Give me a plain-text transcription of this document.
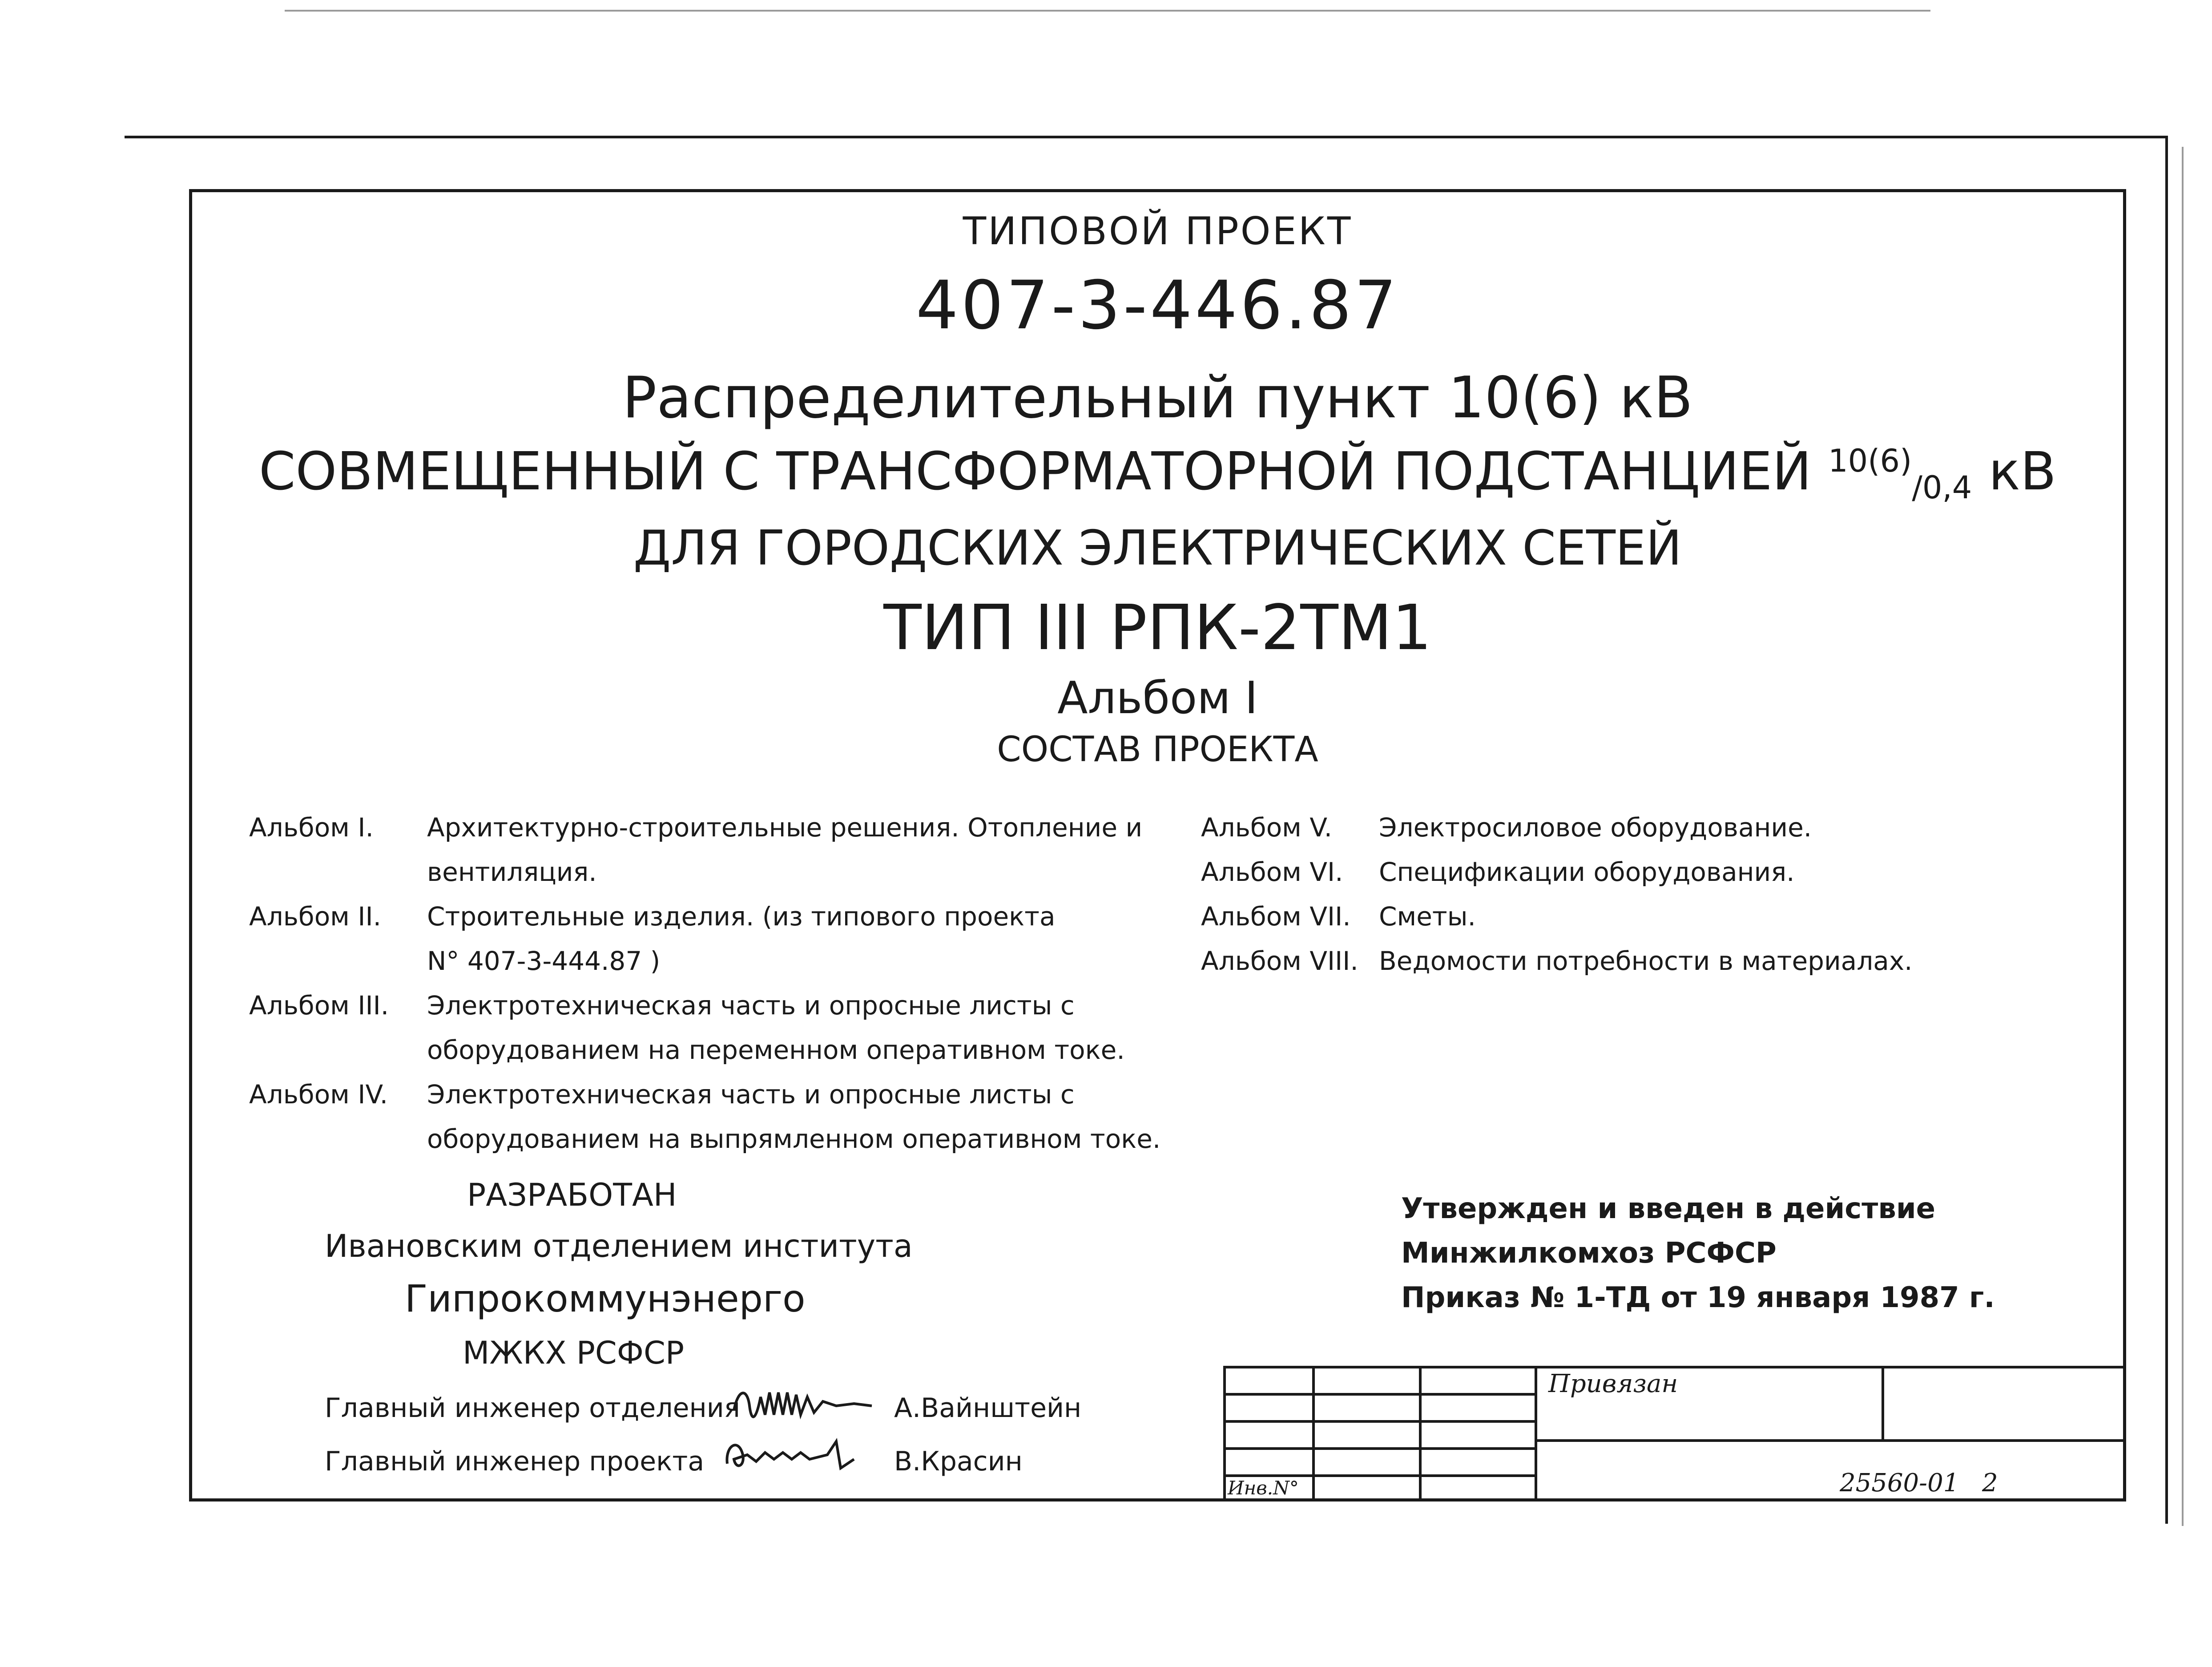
ТИПОВОЙ ПРОЕКТ
407-3-446.87
Распределительный пункт 10(6) кВ
СОВМЕЩЕННЫЙ С ТРАНСФОРМАТОРНОЙ ПОДСТАНЦИЕЙ $^{10(6)}$/0,4 кВ
ДЛЯ ГОРОДСКИХ ЭЛЕКТРИЧЕСКИХ СЕТЕЙ
ТИП III РПК-2ТМ1
Альбом I
СОСТАВ ПРОЕКТА
Альбом I. Архитектурно-строительные решения. Отопление и
вентиляция.
Альбом II. Строительные изделия. (из типового проекта
N° 407-3-444.87 )
Альбом III. Электротехническая часть и опросные листы с
оборудованием на переменном оперативном токе.
Альбом IV. Электротехническая часть и опросные листы с
оборудованием на выпрямленном оперативном токе.
Альбом V. Электросиловое оборудование.
Альбом VI. Спецификации оборудования.
Альбом VII. Сметы.
Альбом VIII. Ведомости потребности в материалах.
РАЗРАБОТАН
Ивановским отделением института
Гипрокоммунэнерго
МЖКХ РСФСР
Главный инженер отделения	А.Вайнштейн
Главный инженер проекта	В.Красин
Утвержден и введен в действие
Минжилкомхоз РСФСР
Приказ № 1-ТД от 19 января 1987 г.
Привязан
25560-01 2
Инв.N°
